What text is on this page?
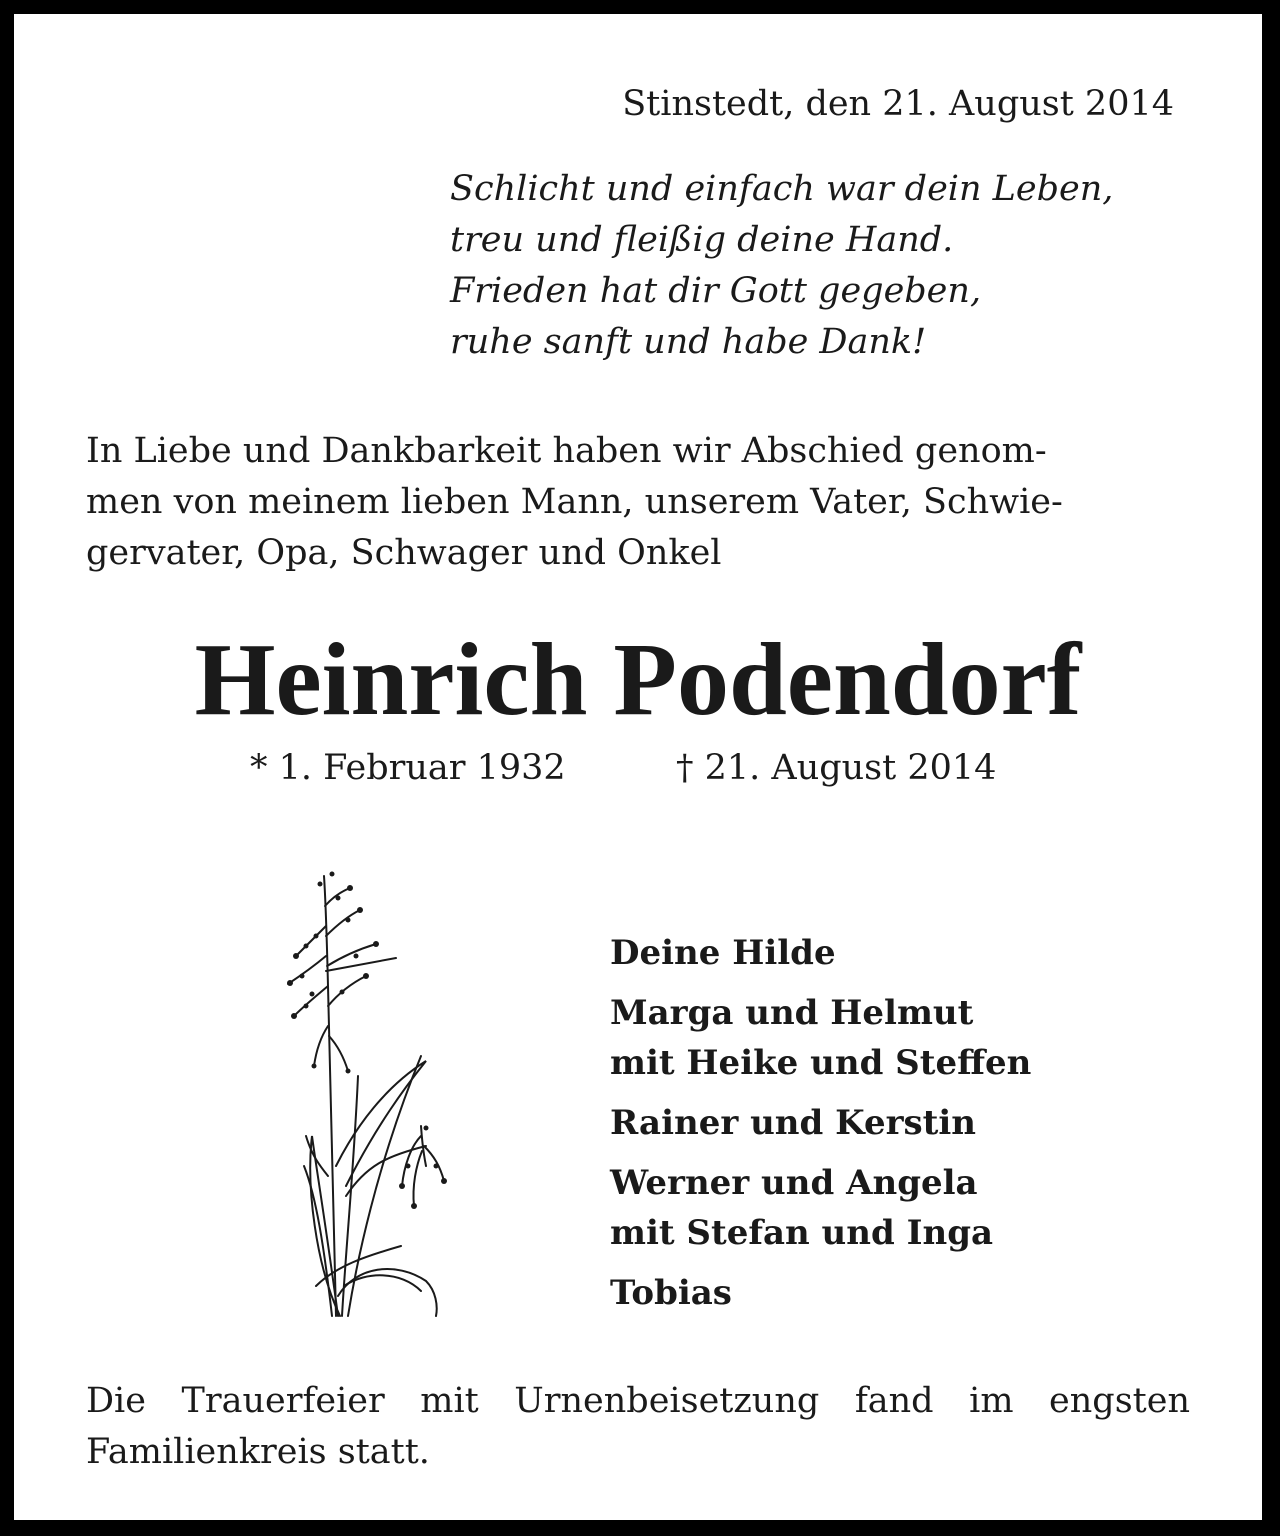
Stinstedt, den 21. August 2014
Schlicht und einfach war dein Leben,
treu und fleißig deine Hand.
Frieden hat dir Gott gegeben,
ruhe sanft und habe Dank!
In Liebe und Dankbarkeit haben wir Abschied genom-
men von meinem lieben Mann, unserem Vater, Schwie-
gervater, Opa, Schwager und Onkel
Heinrich Podendorf
* 1. Februar 1932	† 21. August 2014
Deine Hilde
Marga und Helmut
mit Heike und Steffen
Rainer und Kerstin
Werner und Angela
mit Stefan und Inga
Tobias
Die Trauerfeier mit Urnenbeisetzung fand im engsten
Familienkreis statt.
